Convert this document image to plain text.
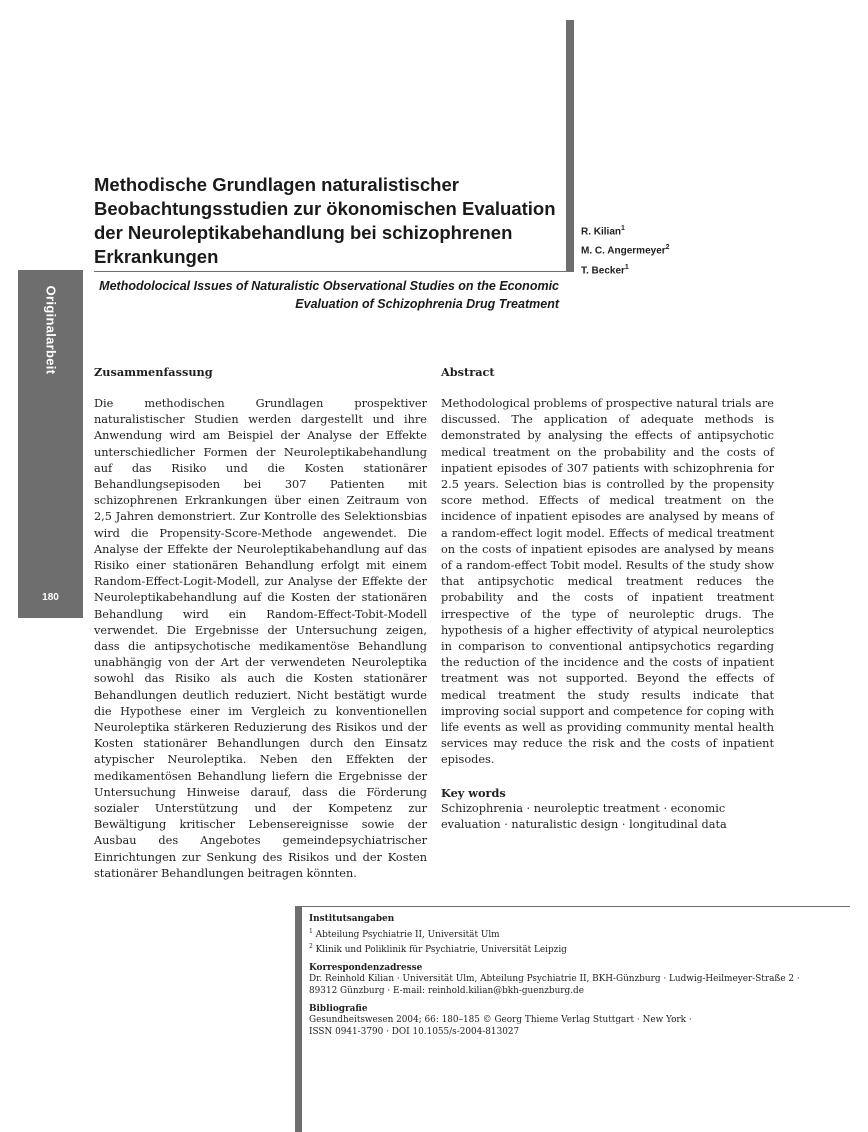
Originalarbeit
180
Methodische Grundlagen naturalistischer Beobachtungsstudien zur ökonomischen Evaluation der Neuroleptikabehandlung bei schizophrenen Erkrankungen
R. Kilian$^1$
M. C. Angermeyer$^2$
T. Becker$^1$
Methodolocical Issues of Naturalistic Observational Studies on the Economic Evaluation of Schizophrenia Drug Treatment
Zusammenfassung

Die methodischen Grundlagen prospektiver naturalistischer Studien werden dargestellt und ihre Anwendung wird am Beispiel der Analyse der Effekte unterschiedlicher Formen der Neuroleptikabehandlung auf das Risiko und die Kosten stationärer Behandlungsepisoden bei 307 Patienten mit schizophrenen Erkrankungen über einen Zeitraum von 2,5 Jahren demonstriert. Zur Kontrolle des Selektionsbias wird die Propensity-Score-Methode angewendet. Die Analyse der Effekte der Neuroleptikabehandlung auf das Risiko einer stationären Behandlung erfolgt mit einem Random-Effect-Logit-Modell, zur Analyse der Effekte der Neuroleptikabehandlung auf die Kosten der stationären Behandlung wird ein Random-Effect-Tobit-Modell verwendet. Die Ergebnisse der Untersuchung zeigen, dass die antipsychotische medikamentöse Behandlung unabhängig von der Art der verwendeten Neuroleptika sowohl das Risiko als auch die Kosten stationärer Behandlungen deutlich reduziert. Nicht bestätigt wurde die Hypothese einer im Vergleich zu konventionellen Neuroleptika stärkeren Reduzierung des Risikos und der Kosten stationärer Behandlungen durch den Einsatz atypischer Neuroleptika. Neben den Effekten der medikamentösen Behandlung liefern die Ergebnisse der Untersuchung Hinweise darauf, dass die Förderung sozialer Unterstützung und der Kompetenz zur Bewältigung kritischer Lebensereignisse sowie der Ausbau des Angebotes gemeindepsychiatrischer Einrichtungen zur Senkung des Risikos und der Kosten stationärer Behandlungen beitragen könnten.

Abstract

Methodological problems of prospective natural trials are discussed. The application of adequate methods is demonstrated by analysing the effects of antipsychotic medical treatment on the probability and the costs of inpatient episodes of 307 patients with schizophrenia for 2.5 years. Selection bias is controlled by the propensity score method. Effects of medical treatment on the incidence of inpatient episodes are analysed by means of a random-effect logit model. Effects of medical treatment on the costs of inpatient episodes are analysed by means of a random-effect Tobit model. Results of the study show that antipsychotic medical treatment reduces the probability and the costs of inpatient treatment irrespective of the type of neuroleptic drugs. The hypothesis of a higher effectivity of atypical neuroleptics in comparison to conventional antipsychotics regarding the reduction of the incidence and the costs of inpatient treatment was not supported. Beyond the effects of medical treatment the study results indicate that improving social support and competence for coping with life events as well as providing community mental health services may reduce the risk and the costs of inpatient episodes.

Key words

Schizophrenia · neuroleptic treatment · economic evaluation · naturalistic design · longitudinal data

Institutsangaben
$^1$ Abteilung Psychiatrie II, Universität Ulm
$^2$ Klinik und Poliklinik für Psychiatrie, Universität Leipzig
Korrespondenzadresse
Dr. Reinhold Kilian · Universität Ulm, Abteilung Psychiatrie II, BKH-Günzburg · Ludwig-Heilmeyer-Straße 2 ·
89312 Günzburg · E-mail: reinhold.kilian@bkh-guenzburg.de
Bibliografie
Gesundheitswesen 2004; 66: 180–185 © Georg Thieme Verlag Stuttgart · New York ·
ISSN 0941-3790 · DOI 10.1055/s-2004-813027
